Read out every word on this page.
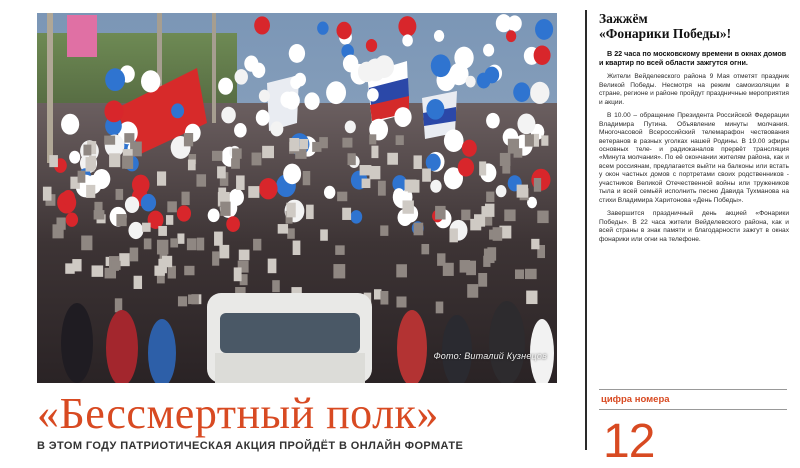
Фото: Виталий Кузнецов
«Бессмертный полк»
В ЭТОМ ГОДУ ПАТРИОТИЧЕСКАЯ АКЦИЯ ПРОЙДЁТ В ОНЛАЙН ФОРМАТЕ

Зажжём
«Фонарики Победы»!

В 22 часа по московскому времени в окнах домов и квартир по всей области зажгутся огни.

Жители Вейделевского района 9 Мая отметят праздник Великой Победы. Несмотря на режим самоизоляции в стране, регионе и районе пройдут праздничные мероприятия и акции.

В 10.00 – обращение Президента Российской Федерации Владимира Путина. Объявление минуты молчания. Многочасовой Всероссийский телемарафон чествования ветеранов в разных уголках нашей Родины. В 19.00 эфиры основных теле- и радиоканалов прервёт трансляция «Минута молчания». По её окончании жителям района, как и всем россиянам, предлагается выйти на балконы или встать у окон частных домов с портретами своих родственников - участников Великой Отечественной войны или тружеников тыла и всей семьёй исполнить песню Давида Тухманова на стихи Владимира Харитонова «День Победы».

Завершится праздничный день акцией «Фонарики Победы». В 22 часа жители Вейделевского района, как и всей страны в знак памяти и благодарности зажгут в окнах фонарики или огни на телефоне.

цифра номера
12
